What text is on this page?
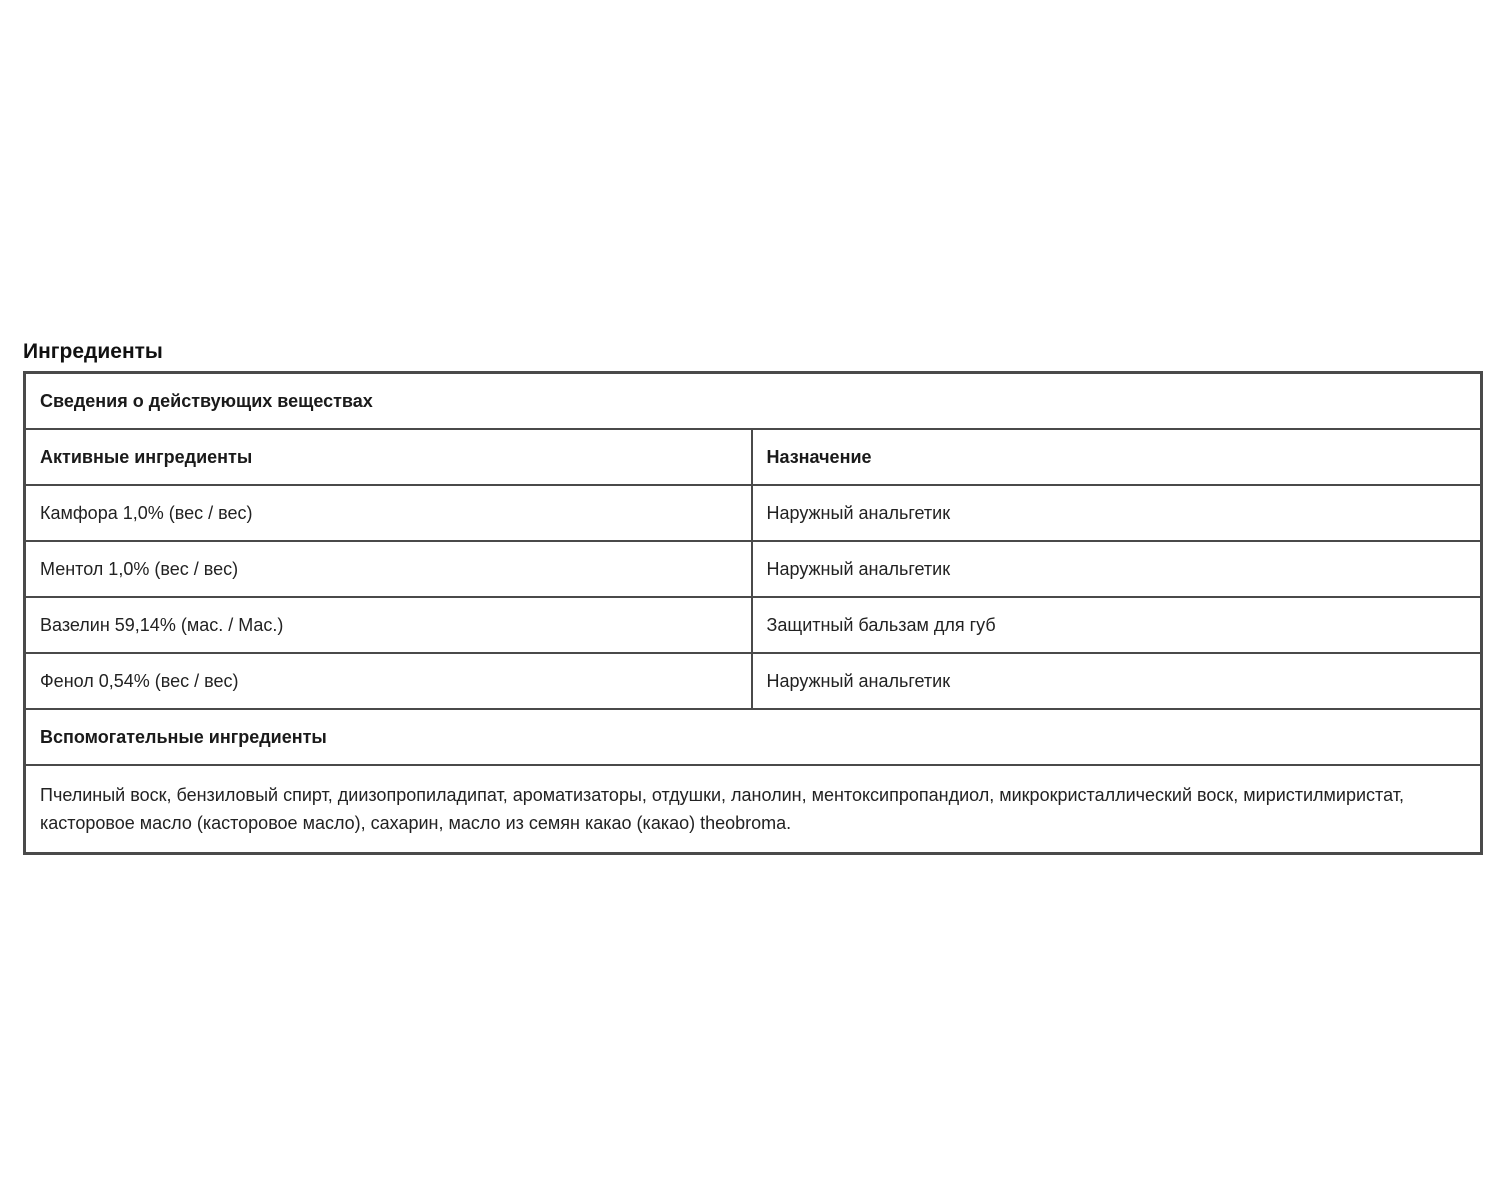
Ингредиенты
Сведения о действующих веществах	
Активные ингредиенты	Назначение
Камфора 1,0% (вес / вес)	Наружный анальгетик
Ментол 1,0% (вес / вес)	Наружный анальгетик
Вазелин 59,14% (мас. / Мас.)	Защитный бальзам для губ
Фенол 0,54% (вес / вес)	Наружный анальгетик
Вспомогательные ингредиенты	

Пчелиный воск, бензиловый спирт, диизопропиладипат, ароматизаторы, отдушки, ланолин, ментоксипропандиол, микрокристаллический воск, миристилмиристат,
касторовое масло (касторовое масло), сахарин, масло из семян какао (какао) theobroma.	
